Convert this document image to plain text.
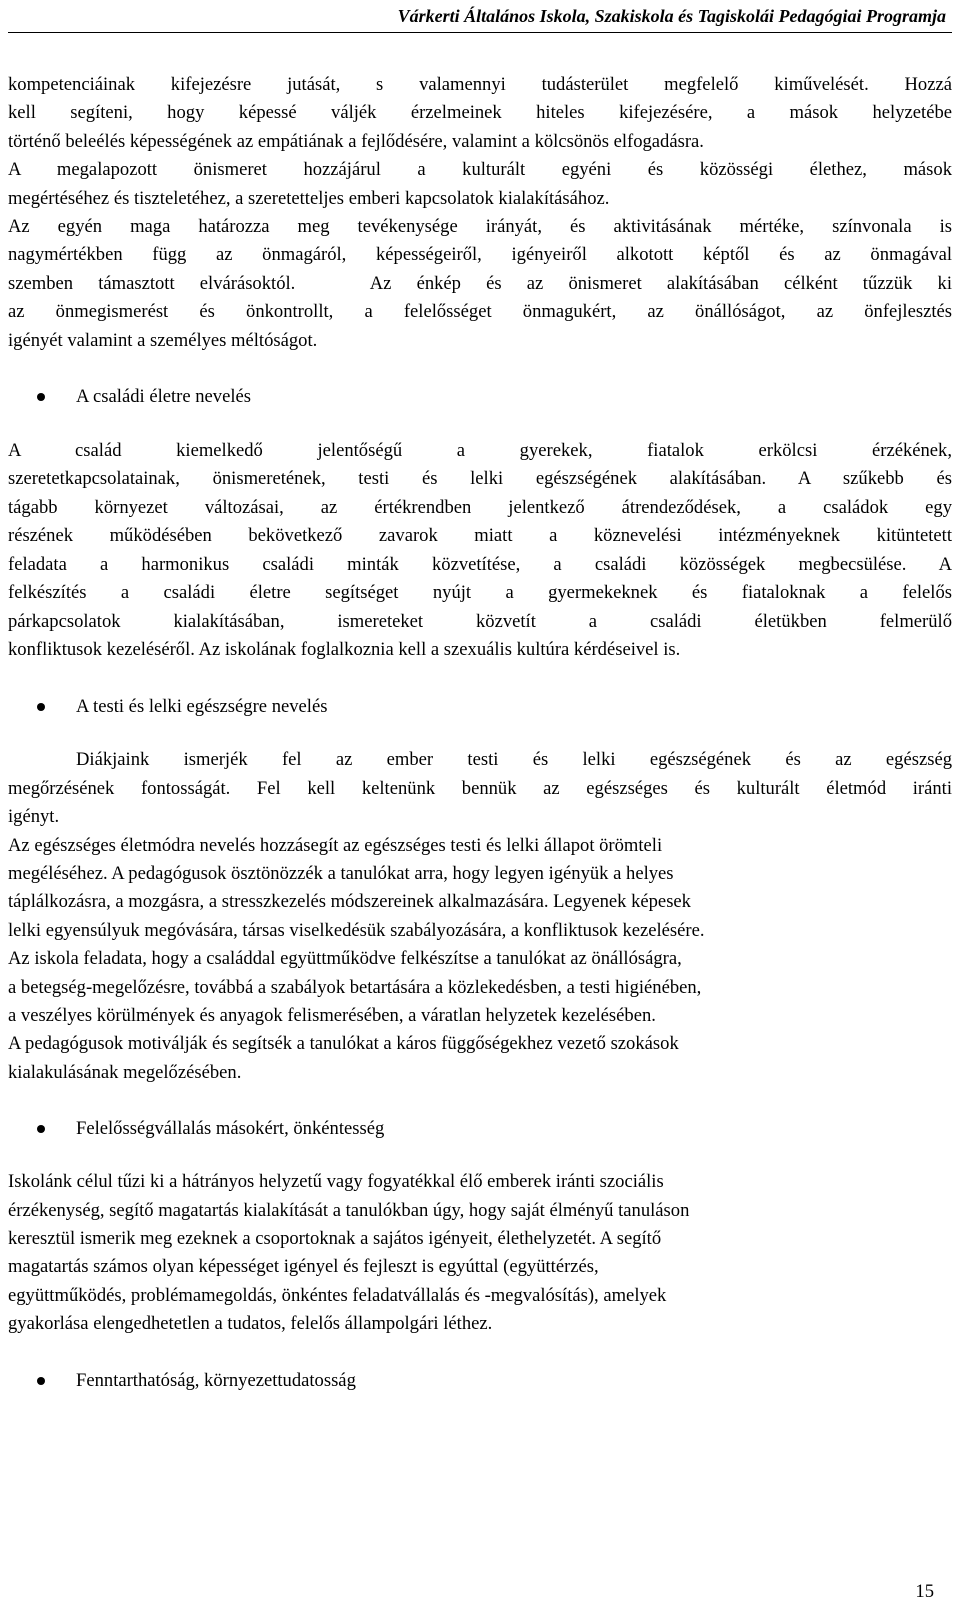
Várkerti Általános Iskola, Szakiskola és Tagiskolái Pedagógiai Programja

kompetenciáinak kifejezésre jutását, s valamennyi tudásterület megfelelő kiművelését. Hozzá

kell segíteni, hogy képessé váljék érzelmeinek hiteles kifejezésére, a mások helyzetébe

történő beleélés képességének az empátiának a fejlődésére, valamint a kölcsönös elfogadásra.

A megalapozott önismeret hozzájárul a kulturált egyéni és közösségi élethez, mások

megértéséhez és tiszteletéhez, a szeretetteljes emberi kapcsolatok kialakításához.

Az egyén maga határozza meg tevékenysége irányát, és aktivitásának mértéke, színvonala is

nagymértékben függ az önmagáról, képességeiről, igényeiről alkotott képtől és az önmagával

szemben támasztott elvárásoktól.   Az énkép és az önismeret alakításában célként tűzzük ki

az önmegismerést és önkontrollt, a felelősséget önmagukért, az önállóságot, az önfejlesztés

igényét valamint a személyes méltóságot.

A családi életre nevelés

A család kiemelkedő jelentőségű a gyerekek, fiatalok erkölcsi érzékének,

szeretetkapcsolatainak, önismeretének, testi és lelki egészségének alakításában. A szűkebb és

tágabb környezet változásai, az értékrendben jelentkező átrendeződések, a családok egy

részének működésében bekövetkező zavarok miatt a köznevelési intézményeknek kitüntetett

feladata a harmonikus családi minták közvetítése, a családi közösségek megbecsülése. A

felkészítés a családi életre segítséget nyújt a gyermekeknek és fiataloknak a felelős

párkapcsolatok kialakításában, ismereteket közvetít a családi életükben felmerülő

konfliktusok kezeléséről. Az iskolának foglalkoznia kell a szexuális kultúra kérdéseivel is.

A testi és lelki egészségre nevelés

Diákjaink ismerjék fel az ember testi és lelki egészségének és az egészség

megőrzésének fontosságát. Fel kell keltenünk bennük az egészséges és kulturált életmód iránti

igényt.

Az egészséges életmódra nevelés hozzásegít az egészséges testi és lelki állapot örömteli

megéléséhez. A pedagógusok ösztönözzék a tanulókat arra, hogy legyen igényük a helyes

táplálkozásra, a mozgásra, a stresszkezelés módszereinek alkalmazására. Legyenek képesek

lelki egyensúlyuk megóvására, társas viselkedésük szabályozására, a konfliktusok kezelésére.

Az iskola feladata, hogy a családdal együttműködve felkészítse a tanulókat az önállóságra,

a betegség-megelőzésre, továbbá a szabályok betartására a közlekedésben, a testi higiénében,

a veszélyes körülmények és anyagok felismerésében, a váratlan helyzetek kezelésében.

A pedagógusok motiválják és segítsék a tanulókat a káros függőségekhez vezető szokások

kialakulásának megelőzésében.

Felelősségvállalás másokért, önkéntesség

Iskolánk célul tűzi ki a hátrányos helyzetű vagy fogyatékkal élő emberek iránti szociális

érzékenység, segítő magatartás kialakítását a tanulókban úgy, hogy saját élményű tanuláson

keresztül ismerik meg ezeknek a csoportoknak a sajátos igényeit, élethelyzetét. A segítő

magatartás számos olyan képességet igényel és fejleszt is egyúttal (együttérzés,

együttműködés, problémamegoldás, önkéntes feladatvállalás és -megvalósítás), amelyek

gyakorlása elengedhetetlen a tudatos, felelős állampolgári léthez.

Fenntarthatóság, környezettudatosság
15
